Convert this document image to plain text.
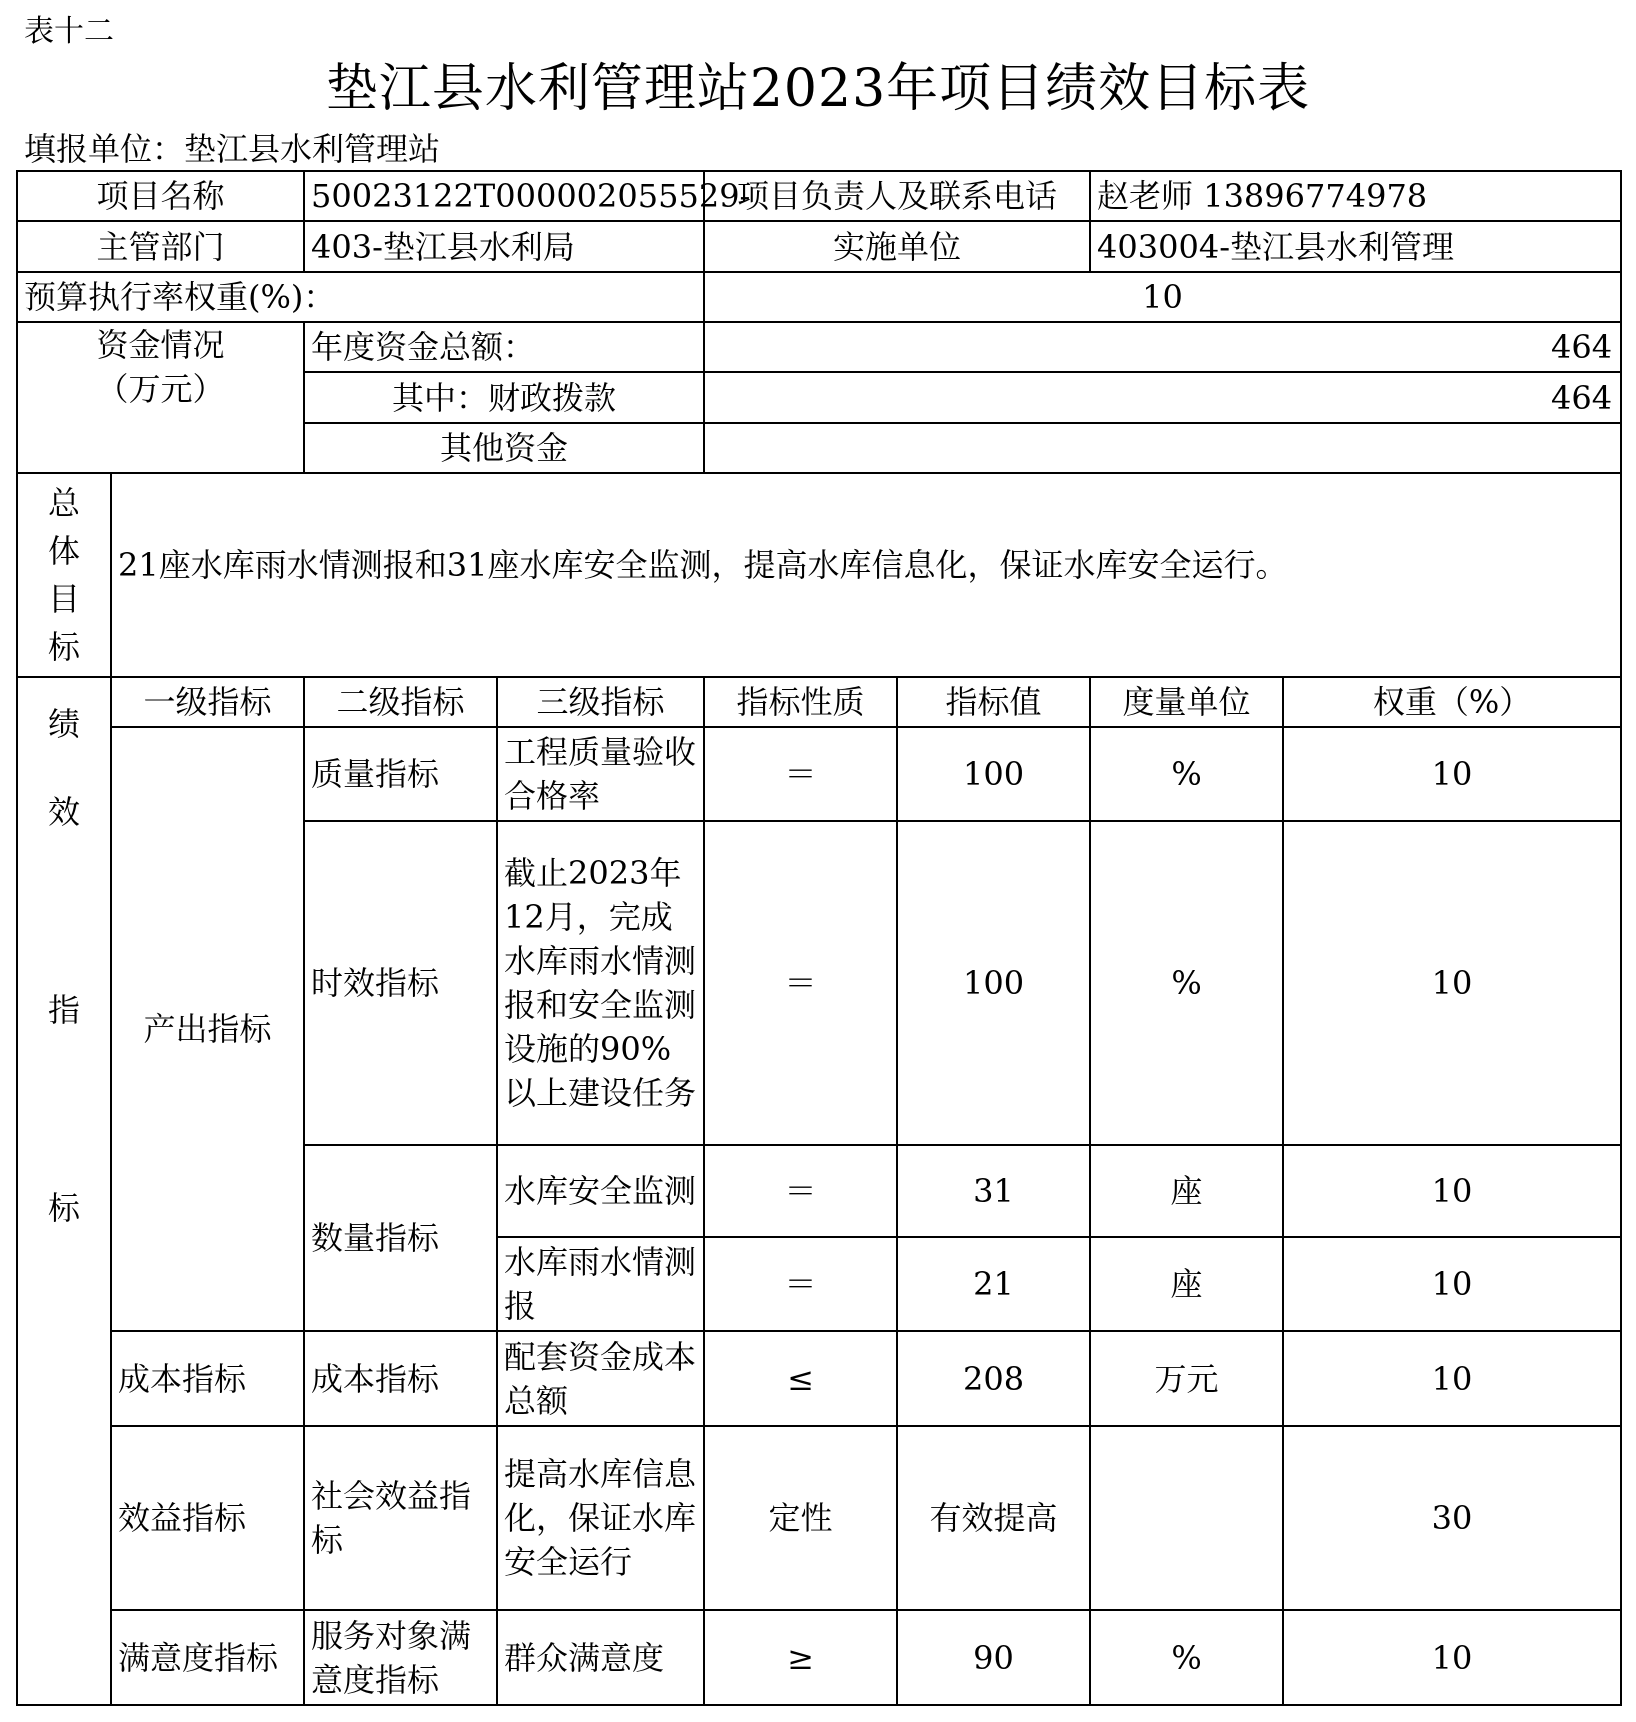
表十二
垫江县水利管理站2023年项目绩效目标表
填报单位：垫江县水利管理站
项目名称		50023122T000002055529-		项目负责人及联系电话		赵老师 13896774978	
主管部门		403-垫江县水利局		实施单位		403004-垫江县水利管理	
预算执行率权重(%)：				10			

资金情况
（万元）		年度资金总额：		464			
		其中：财政拨款		464			
		其他资金					

总
体
目
标	21座水库雨水情测报和31座水库安全监测，提高水库信息化，保证水库安全运行。						

绩
效
指
标	一级指标	二级指标	三级指标	指标性质	指标值	度量单位	权重（%）
	产出指标	质量指标	工程质量验收合格率	＝	100	%	10
		时效指标	截止2023年12月，完成水库雨水情测报和安全监测设施的90%以上建设任务	＝	100	%	10
		数量指标	水库安全监测	＝	31	座	10
			水库雨水情测报	＝	21	座	10
	成本指标	成本指标	配套资金成本总额	≤	208	万元	10
	效益指标	社会效益指标	提高水库信息化，保证水库安全运行	定性	有效提高		30
	满意度指标	服务对象满意度指标	群众满意度	≥	90	%	10
